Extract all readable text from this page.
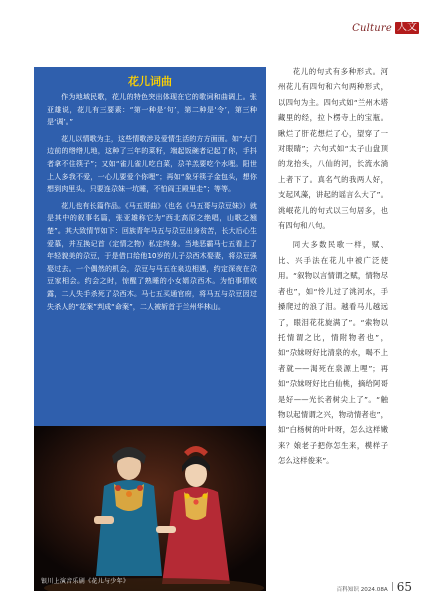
Culture 人文
花儿词曲

作为地域民歌，花儿的特色突出体现在它的歌词和曲调上。张亚雄说，花儿有三要素：“第一种是‘句’，第二种是‘令’，第三种是‘调’。”

花儿以情歌为主，这些情歌涉及爱情生活的方方面面。如“大门边前的绺绺儿地，这种了三年的菜籽，端起饭碗者记起了你，手抖者拿不住筷子”；又如“雀儿雀儿吃白菜，尕羊羔要吃个水哩。阳世上人多我不爱，一心儿要爱个你哩”；再如“象牙筷子金包头，想你想到肉里头。只要连尕妹一坑睡，不怕阎王殿里走”；等等。

花儿也有长篇作品。《马五哥曲》（也名《马五哥与尕豆妹》）就是其中的叙事名篇，张亚雄称它为“西北高原之绝唱，山歌之翘楚”。其大致情节如下：回族青年马五与尕豆出身贫苦，长大后心生爱慕，并互换记首（定情之物）私定终身。当地恶霸马七五看上了年轻貌美的尕豆，于是借口给他10岁的儿子尕西木娶妻，将尕豆强娶过去。一个偶然的机会，尕豆与马五在泉边相遇，约定深夜在尕豆家相会。约会之时，惊醒了熟睡的小女婿尕西木。为怕事情败露，二人失手杀死了尕西木。马七五买通官府，将马五与尕豆因过失杀人的“花案”判成“命案”，二人被斩首于兰州华林山。

银川上演音乐剧《花儿与少年》

花儿的句式有多种形式。河州花儿有四句和六句两种形式，以四句为主。四句式如“兰州木塔藏里的经，拉卜楞寺上的宝瓶。瞅烂了肝花想烂了心，望穿了一对眼睛”；六句式如“太子山盘顶的龙抬头，八仙的河，长流水淌上者下了。真名气的我两人好，支起风藻，讲起的谣言么大了”。洮岷花儿的句式以三句居多，也有四句和八句。

同大多数民歌一样，赋、比、兴手法在花儿中被广泛使用。“叙物以言情谓之赋，情物尽者也”，如“怜儿过了洮河水，手搡爬过的浪了泪。越看马儿越远了，眼泪花花旋满了”。“索物以托情谓之比，情附物者也”，如“尕妹呀好比清泉的水，喝不上者就——渴死在泉源上哩”；再如“尕妹呀好比白仙桃，摘给阿哥是好——光长者树尖上了”。“触物以起情谓之兴，物动情者也”，如“白杨树的叶叶呀，怎么这样嫩来？娘老子把你怎生来，模样子怎么这样俊来”。

百科知识 2024.08A 65
